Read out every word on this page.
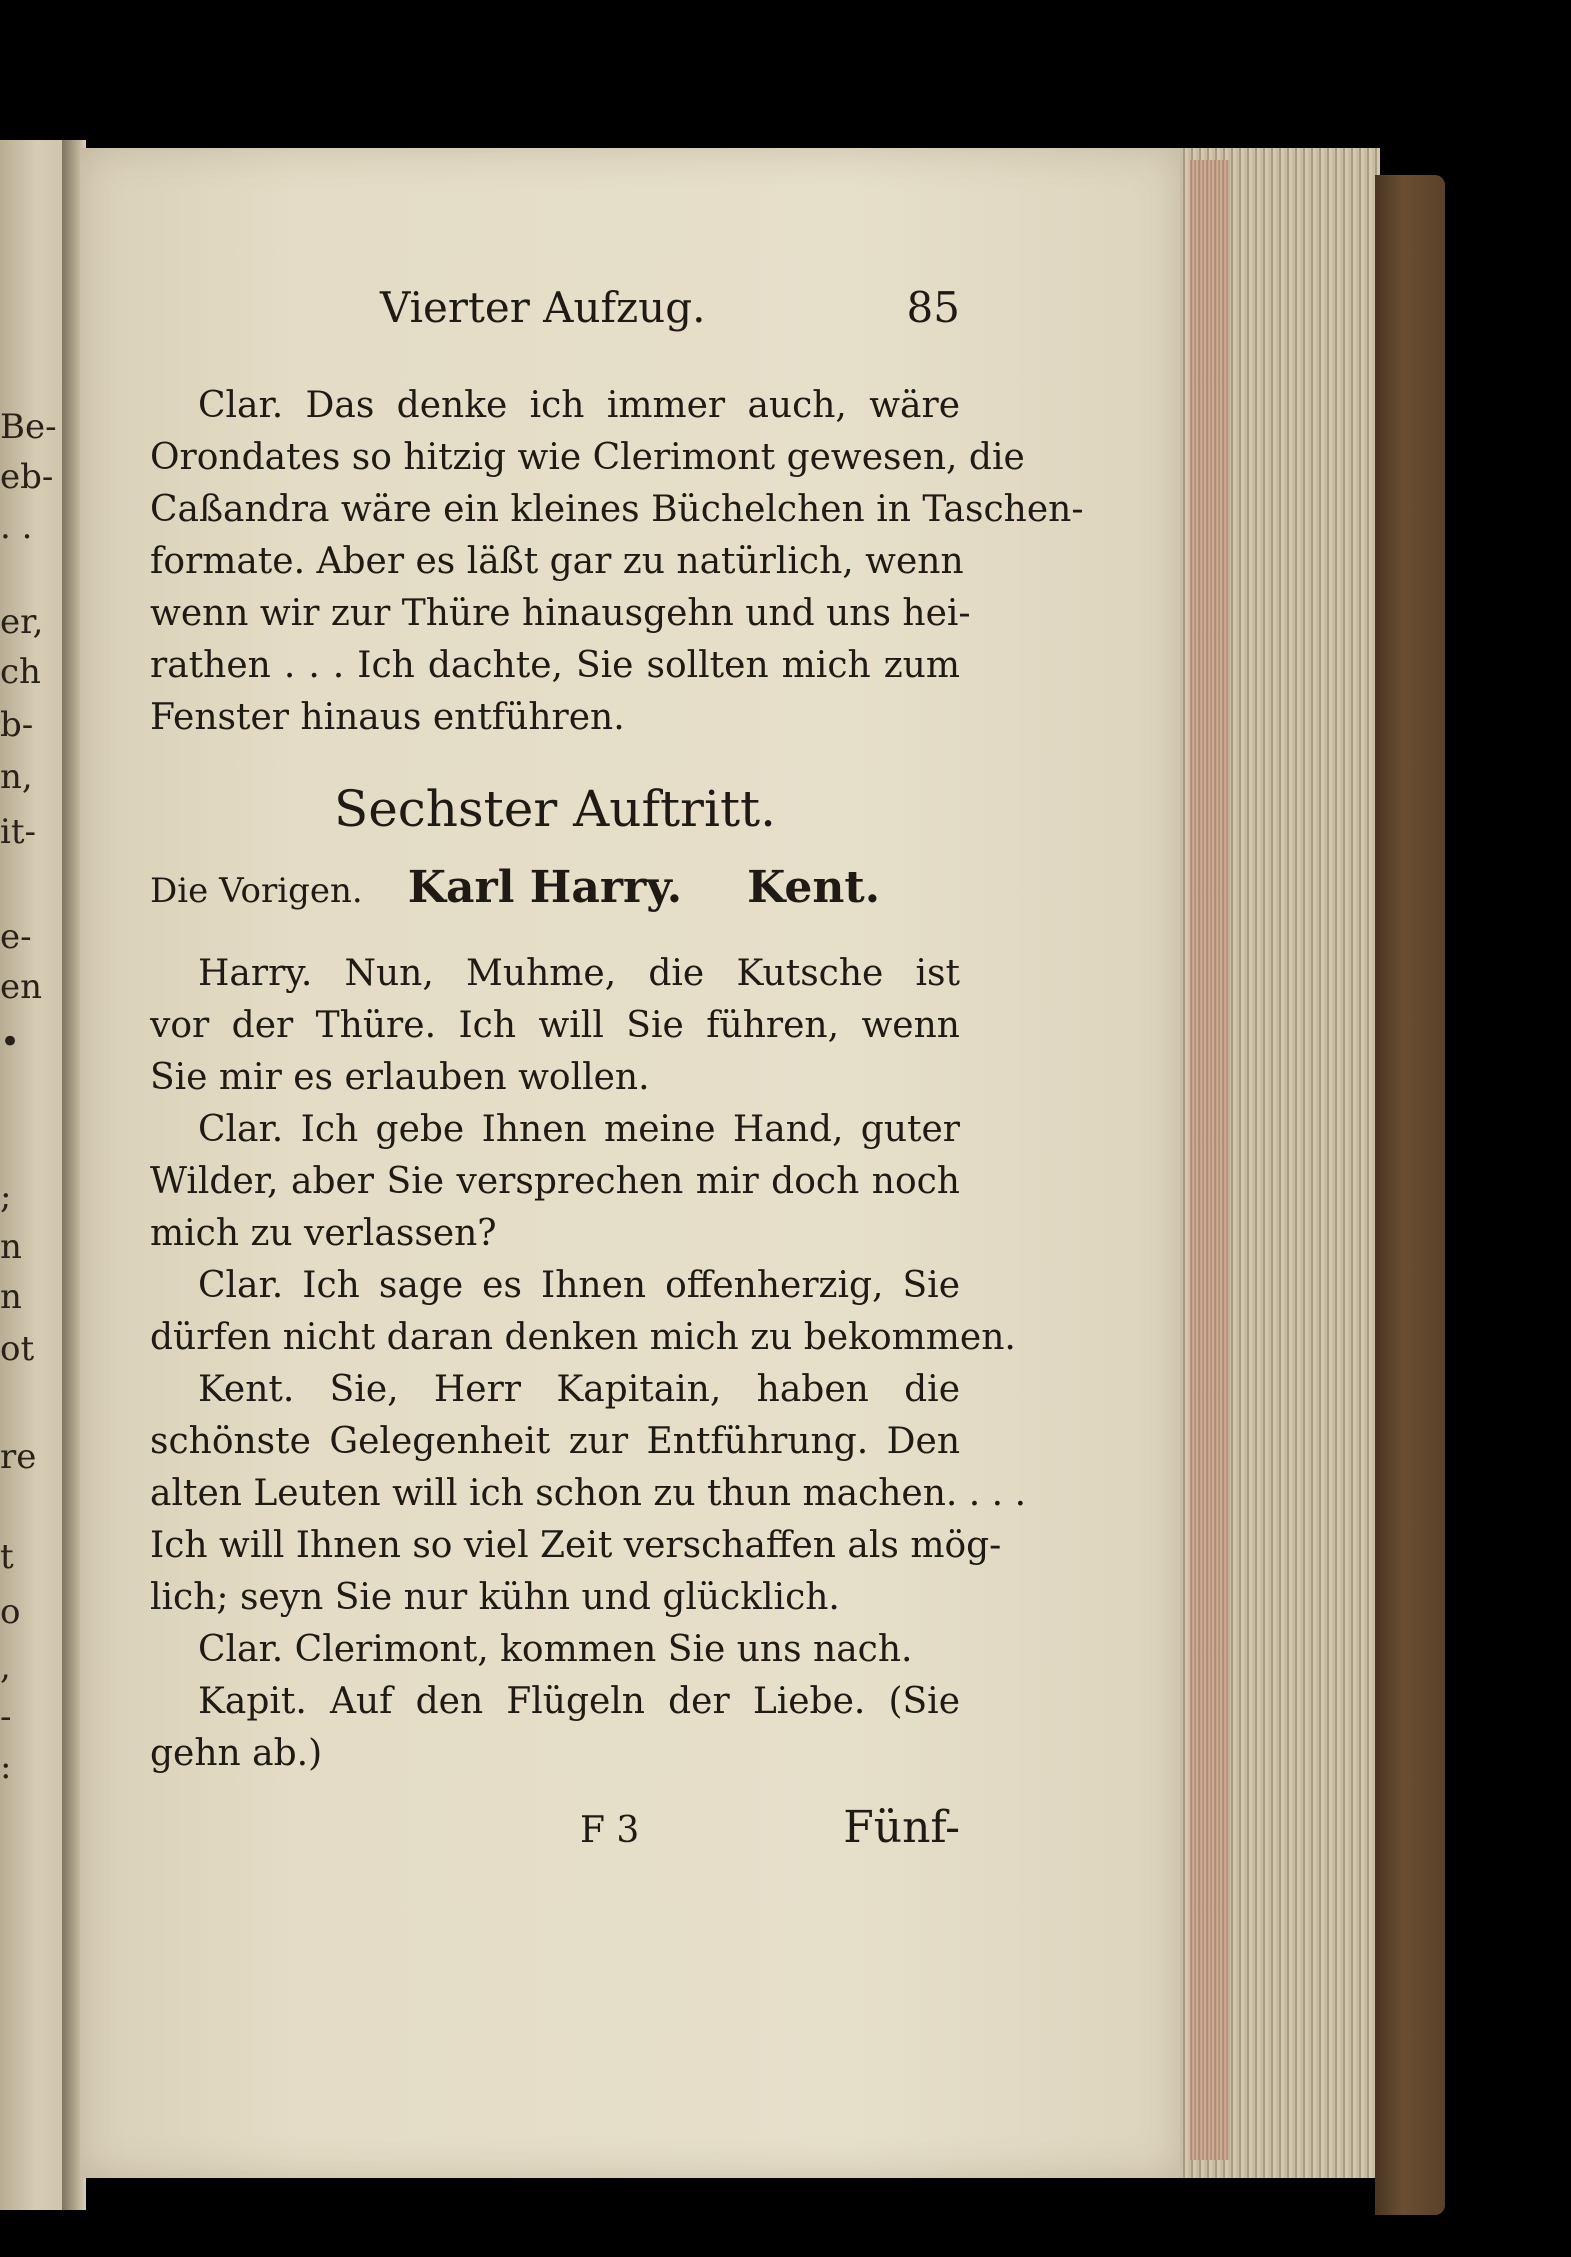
Be-
eb-
. .
er,
ch
b-
n,
it-
e-
en
•
;
n
n
ot
re
t
o
,
-
:
Vierter Aufzug.	85
Clar. Das denke ich immer auch, wäre
Orondates so hitzig wie Clerimont gewesen, die
Caßandra wäre ein kleines Büchelchen in Taschen-
formate. Aber es läßt gar zu natürlich, wenn
wenn wir zur Thüre hinausgehn und uns hei-
rathen . . . Ich dachte, Sie sollten mich zum
Fenster hinaus entführen.
Sechster Auftritt.
Die Vorigen. Karl Harry. Kent.
Harry. Nun, Muhme, die Kutsche ist
vor der Thüre. Ich will Sie führen, wenn
Sie mir es erlauben wollen.
Clar. Ich gebe Ihnen meine Hand, guter
Wilder, aber Sie versprechen mir doch noch
mich zu verlassen?
Clar. Ich sage es Ihnen offenherzig, Sie
dürfen nicht daran denken mich zu bekommen.
Kent. Sie, Herr Kapitain, haben die
schönste Gelegenheit zur Entführung. Den
alten Leuten will ich schon zu thun machen. . . .
Ich will Ihnen so viel Zeit verschaffen als mög-
lich; seyn Sie nur kühn und glücklich.
Clar. Clerimont, kommen Sie uns nach.
Kapit. Auf den Flügeln der Liebe. (Sie
gehn ab.)
F 3	Fünf-
